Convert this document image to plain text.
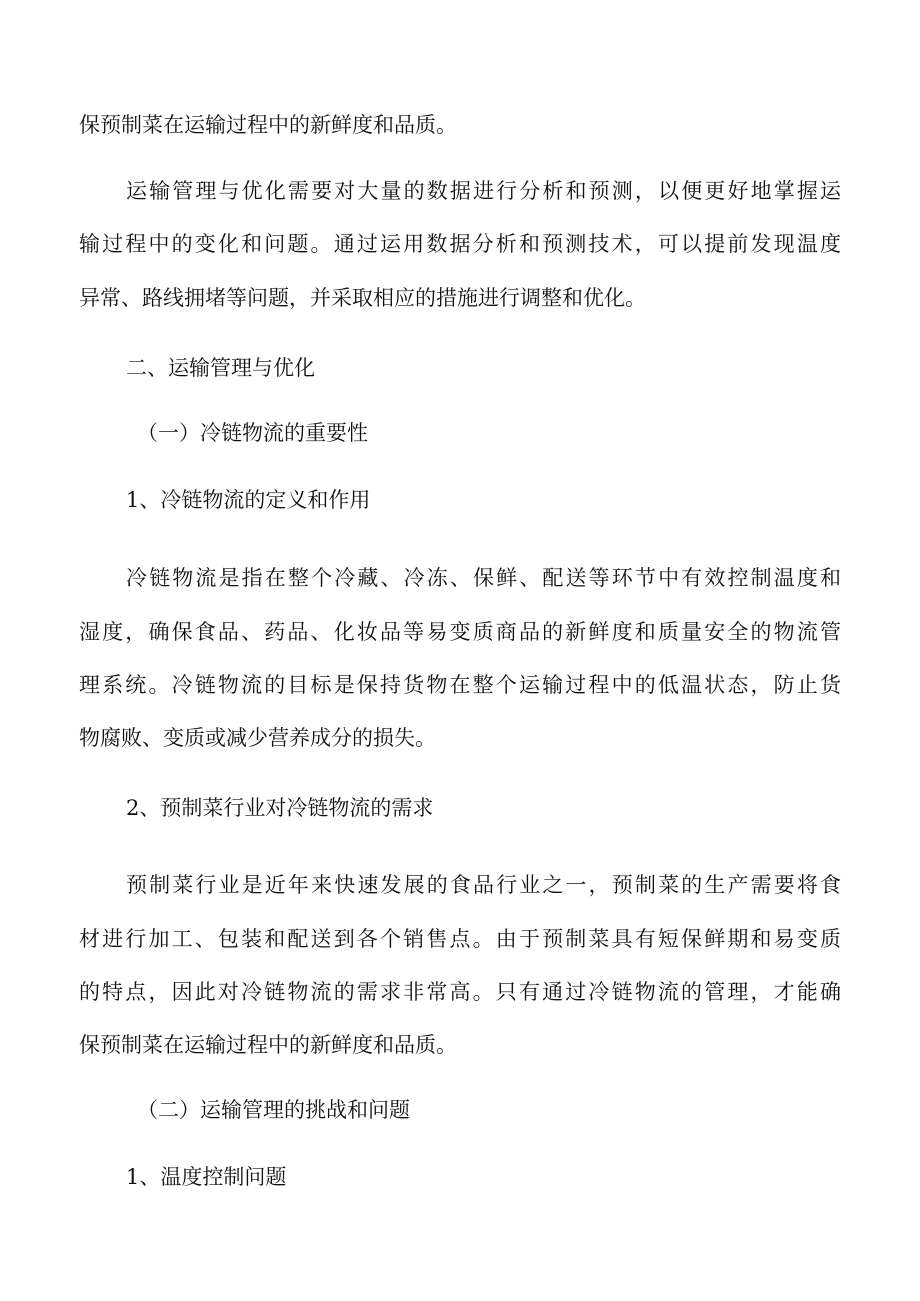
保预制菜在运输过程中的新鲜度和品质。
运输管理与优化需要对大量的数据进行分析和预测，以便更好地掌握运
输过程中的变化和问题。通过运用数据分析和预测技术，可以提前发现温度
异常、路线拥堵等问题，并采取相应的措施进行调整和优化。
二、运输管理与优化
（一）冷链物流的重要性
1、冷链物流的定义和作用
冷链物流是指在整个冷藏、冷冻、保鲜、配送等环节中有效控制温度和
湿度，确保食品、药品、化妆品等易变质商品的新鲜度和质量安全的物流管
理系统。冷链物流的目标是保持货物在整个运输过程中的低温状态，防止货
物腐败、变质或减少营养成分的损失。
2、预制菜行业对冷链物流的需求
预制菜行业是近年来快速发展的食品行业之一，预制菜的生产需要将食
材进行加工、包装和配送到各个销售点。由于预制菜具有短保鲜期和易变质
的特点，因此对冷链物流的需求非常高。只有通过冷链物流的管理，才能确
保预制菜在运输过程中的新鲜度和品质。
（二）运输管理的挑战和问题
1、温度控制问题
